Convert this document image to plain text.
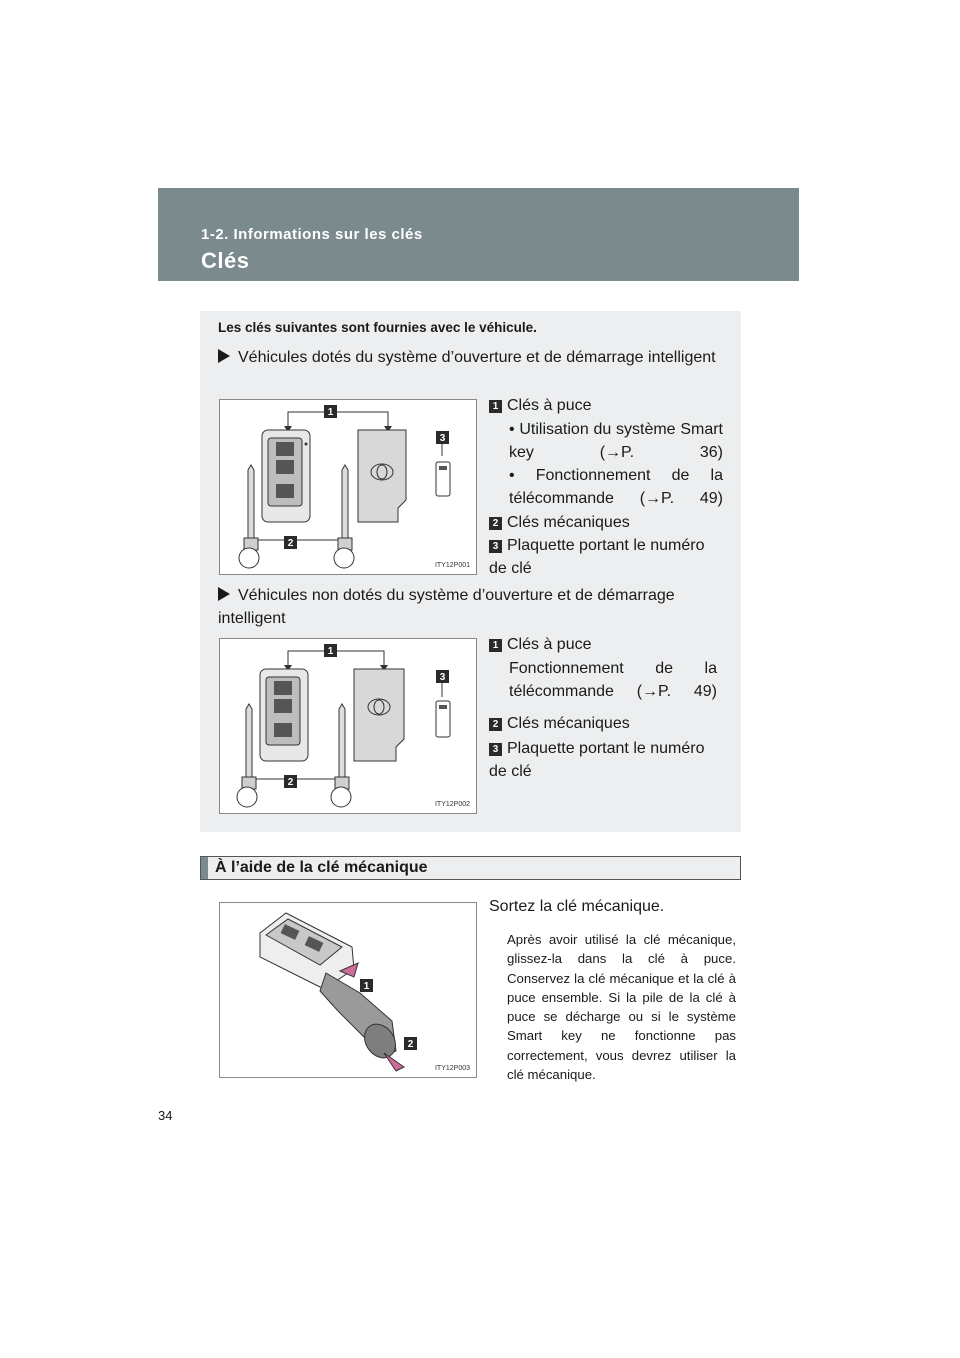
1-2. Informations sur les clés
Clés
Les clés suivantes sont fournies avec le véhicule.
Véhicules dotés du système d’ouverture et de démarrage intelligent
1
2
3
ITY12P001
1 Clés à puce
• Utilisation du système Smart key (→P. 36)
• Fonctionnement de la télécommande (→P. 49)
2 Clés mécaniques
3 Plaquette portant le numéro de clé
Véhicules non dotés du système d’ouverture et de démarrage intelligent
1
2
3
ITY12P002
1 Clés à puce
Fonctionnement de la télécommande (→P. 49)
2 Clés mécaniques
3 Plaquette portant le numéro de clé
À l’aide de la clé mécanique
1
2
ITY12P003
Sortez la clé mécanique.
Après avoir utilisé la clé mécanique, glissez-la dans la clé à puce. Conservez la clé mécanique et la clé à puce ensemble. Si la pile de la clé à puce se décharge ou si le système Smart key ne fonctionne pas correctement, vous devrez utiliser la clé mécanique.
34
